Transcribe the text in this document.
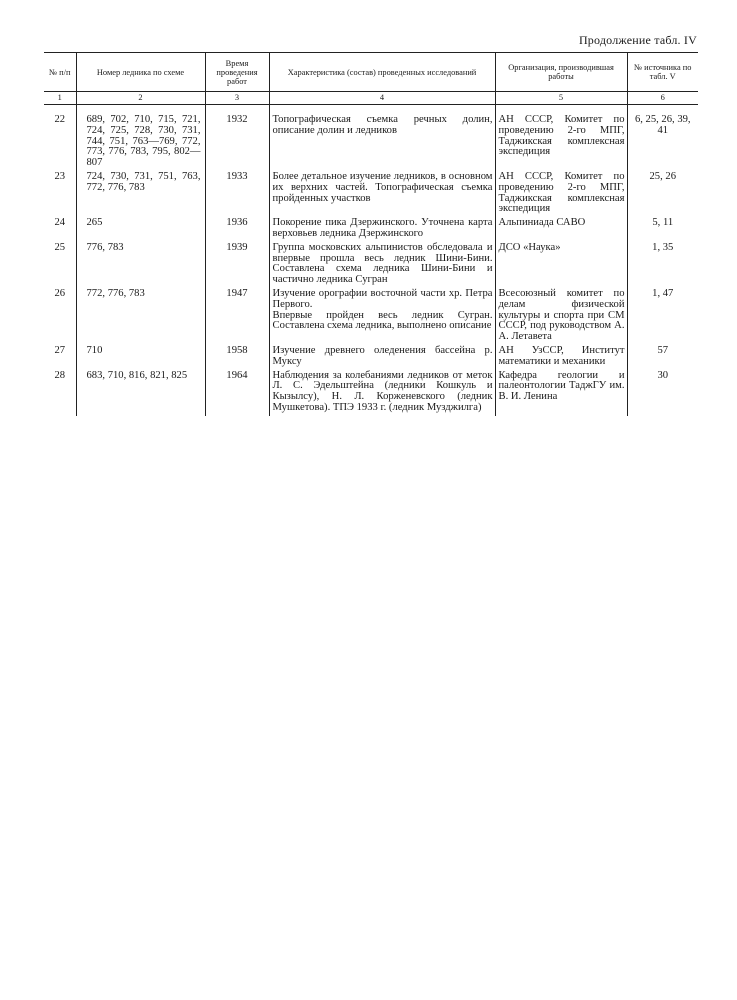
Продолжение табл. IV
№ п/п	Номер ледника по схеме	Время проведения работ	Характеристика (состав) проведенных исследований	Организация, производившая работы	№ источника по табл. V
1	2	3	4	5	6
22	689, 702, 710, 715, 721, 724, 725, 728, 730, 731, 744, 751, 763—769, 772, 773, 776, 783, 795, 802—807	1932	Топографическая съемка речных долин, описание долин и ледников	АН СССР, Комитет по проведению 2-го МПГ, Таджикская комплексная экспедиция	6, 25, 26, 39, 41
23	724, 730, 731, 751, 763, 772, 776, 783	1933	Более детальное изучение ледников, в основном их верхних частей. Топографическая съемка пройденных участков	АН СССР, Комитет по проведению 2-го МПГ, Таджикская комплексная экспедиция	25, 26
24	265	1936	Покорение пика Дзержинского. Уточнена карта верховьев ледника Дзержинского	Альпиниада САВО	5, 11
25	776, 783	1939	Группа московских альпинистов обследовала и впервые прошла весь ледник Шини-Бини. Составлена схема ледника Шини-Бини и частично ледника Сугран	ДСО «Наука»	1, 35
26	772, 776, 783	1947	Изучение орографии восточной части хр. Петра Первого.
Впервые пройден весь ледник Сугран. Составлена схема ледника, выполнено описание	Всесоюзный комитет по делам физической культуры и спорта при СМ СССР, под руководством А. А. Летавета	1, 47
27	710	1958	Изучение древнего оледенения бассейна р. Муксу	АН УзССР, Институт математики и механики	57
28	683, 710, 816, 821, 825	1964	Наблюдения за колебаниями ледников от меток Л. С. Эдельштейна (ледники Кошкуль и Кызылсу), Н. Л. Корженевского (ледник Мушкетова). ТПЭ 1933 г. (ледник Музджилга)	Кафедра геологии и палеонтологии ТаджГУ им. В. И. Ленина	30
